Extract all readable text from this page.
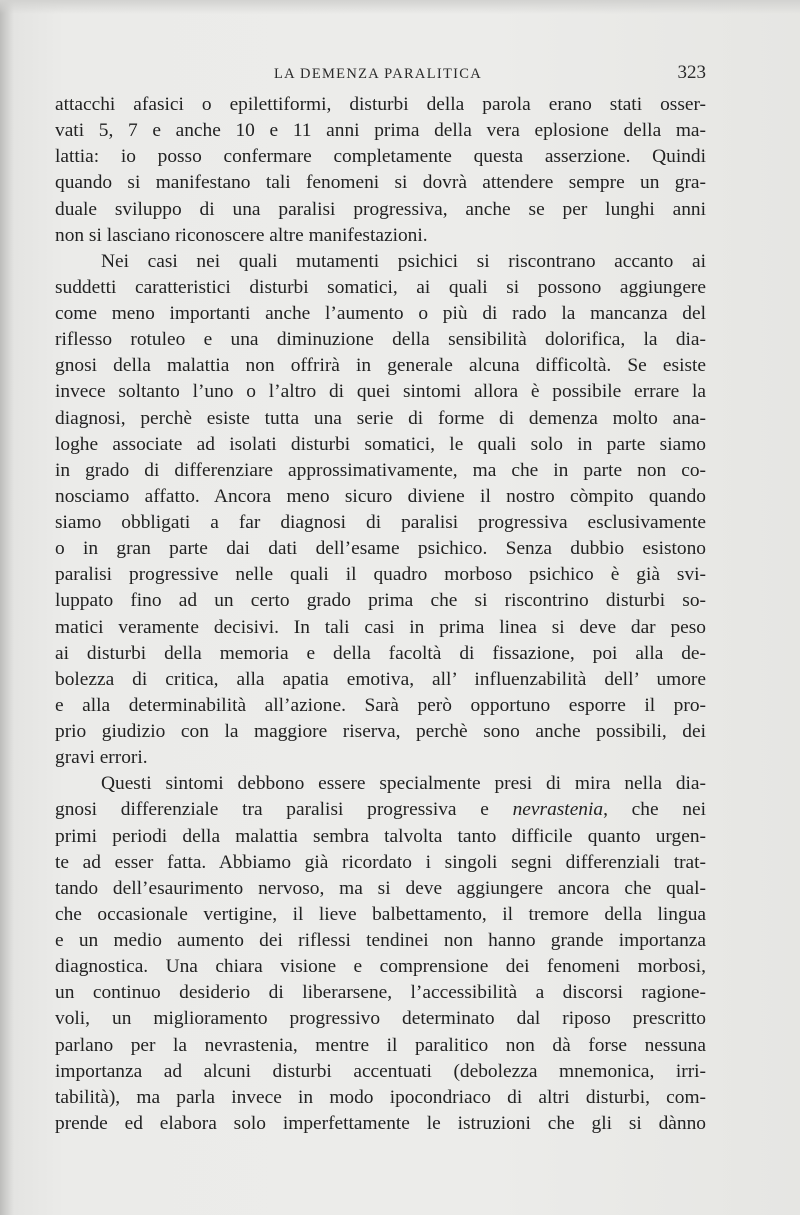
LA DEMENZA PARALITICA	323
attacchi afasici o epilettiformi, disturbi della parola erano stati osser-
vati 5, 7 e anche 10 e 11 anni prima della vera eplosione della ma-
lattia: io posso confermare completamente questa asserzione. Quindi
quando si manifestano tali fenomeni si dovrà attendere sempre un gra-
duale sviluppo di una paralisi progressiva, anche se per lunghi anni
non si lasciano riconoscere altre manifestazioni.
Nei casi nei quali mutamenti psichici si riscontrano accanto ai
suddetti caratteristici disturbi somatici, ai quali si possono aggiungere
come meno importanti anche l’aumento o più di rado la mancanza del
riflesso rotuleo e una diminuzione della sensibilità dolorifica, la dia-
gnosi della malattia non offrirà in generale alcuna difficoltà. Se esiste
invece soltanto l’uno o l’altro di quei sintomi allora è possibile errare la
diagnosi, perchè esiste tutta una serie di forme di demenza molto ana-
loghe associate ad isolati disturbi somatici, le quali solo in parte siamo
in grado di differenziare approssimativamente, ma che in parte non co-
nosciamo affatto. Ancora meno sicuro diviene il nostro còmpito quando
siamo obbligati a far diagnosi di paralisi progressiva esclusivamente
o in gran parte dai dati dell’esame psichico. Senza dubbio esistono
paralisi progressive nelle quali il quadro morboso psichico è già svi-
luppato fino ad un certo grado prima che si riscontrino disturbi so-
matici veramente decisivi. In tali casi in prima linea si deve dar peso
ai disturbi della memoria e della facoltà di fissazione, poi alla de-
bolezza di critica, alla apatia emotiva, all’ influenzabilità dell’ umore
e alla determinabilità all’azione. Sarà però opportuno esporre il pro-
prio giudizio con la maggiore riserva, perchè sono anche possibili, dei
gravi errori.
Questi sintomi debbono essere specialmente presi di mira nella dia-
gnosi differenziale tra paralisi progressiva e nevrastenia, che nei
primi periodi della malattia sembra talvolta tanto difficile quanto urgen-
te ad esser fatta. Abbiamo già ricordato i singoli segni differenziali trat-
tando dell’esaurimento nervoso, ma si deve aggiungere ancora che qual-
che occasionale vertigine, il lieve balbettamento, il tremore della lingua
e un medio aumento dei riflessi tendinei non hanno grande importanza
diagnostica. Una chiara visione e comprensione dei fenomeni morbosi,
un continuo desiderio di liberarsene, l’accessibilità a discorsi ragione-
voli, un miglioramento progressivo determinato dal riposo prescritto
parlano per la nevrastenia, mentre il paralitico non dà forse nessuna
importanza ad alcuni disturbi accentuati (debolezza mnemonica, irri-
tabilità), ma parla invece in modo ipocondriaco di altri disturbi, com-
prende ed elabora solo imperfettamente le istruzioni che gli si dànno
